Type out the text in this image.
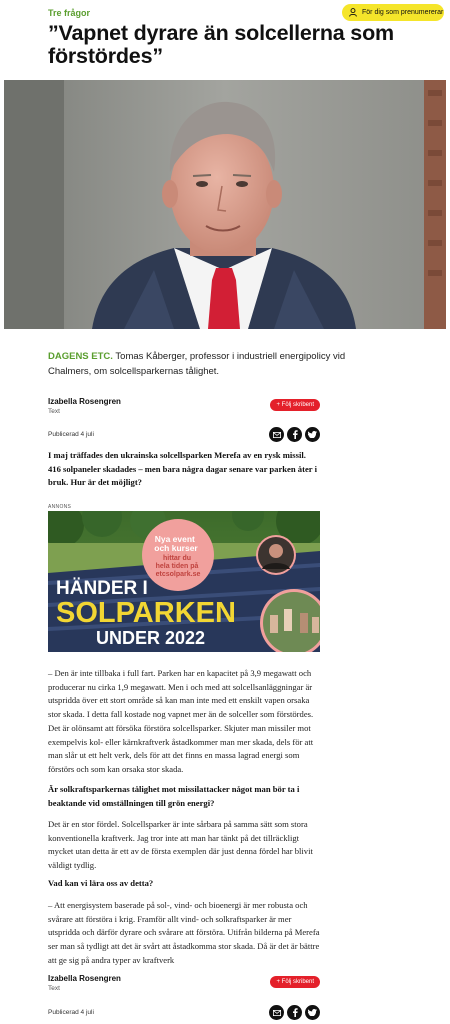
Tre frågor	För dig som prenumererar
”Vapnet dyrare än solcellerna som förstördes”

DAGENS ETC. Tomas Kåberger, professor i industriell energipolicy vid Chalmers, om solcellsparkernas tålighet.

Izabella Rosengren
Text
+ Följ skribent
Publicerad 4 juli

I maj träffades den ukrainska solcellsparken Merefa av en rysk missil. 416 solpaneler skadades – men bara några dagar senare var parken åter i bruk. Hur är det möjligt?

ANNONS
Nya event och kurser
hittar du hela tiden på etcsolpark.se
HÄNDER I
SOLPARKEN
UNDER 2022

– Den är inte tillbaka i full fart. Parken har en kapacitet på 3,9 megawatt och producerar nu cirka 1,9 megawatt. Men i och med att solcellsanläggningar är utspridda över ett stort område så kan man inte med ett enskilt vapen orsaka stor skada. I detta fall kostade nog vapnet mer än de solceller som förstördes. Det är olönsamt att försöka förstöra solcellsparker. Skjuter man missiler mot exempelvis kol- eller kärnkraftverk åstadkommer man mer skada, dels för att man slår ut ett helt verk, dels för att det finns en massa lagrad energi som förstörs och som kan orsaka stor skada.

Är solkraftsparkernas tålighet mot missilattacker något man bör ta i beaktande vid omställningen till grön energi?

Det är en stor fördel. Solcellsparker är inte sårbara på samma sätt som stora konventionella kraftverk. Jag tror inte att man har tänkt på det tillräckligt mycket utan detta är ett av de första exemplen där just denna fördel har blivit väldigt tydlig.

Vad kan vi lära oss av detta?

– Att energisystem baserade på sol-, vind- och bioenergi är mer robusta och svårare att förstöra i krig. Framför allt vind- och solkraftsparker är mer utspridda och därför dyrare och svårare att förstöra. Utifrån bilderna på Merefa ser man så tydligt att det är svårt att åstadkomma stor skada. Då är det är bättre att ge sig på andra typer av kraftverk

Izabella Rosengren
Text
+ Följ skribent
Publicerad 4 juli
